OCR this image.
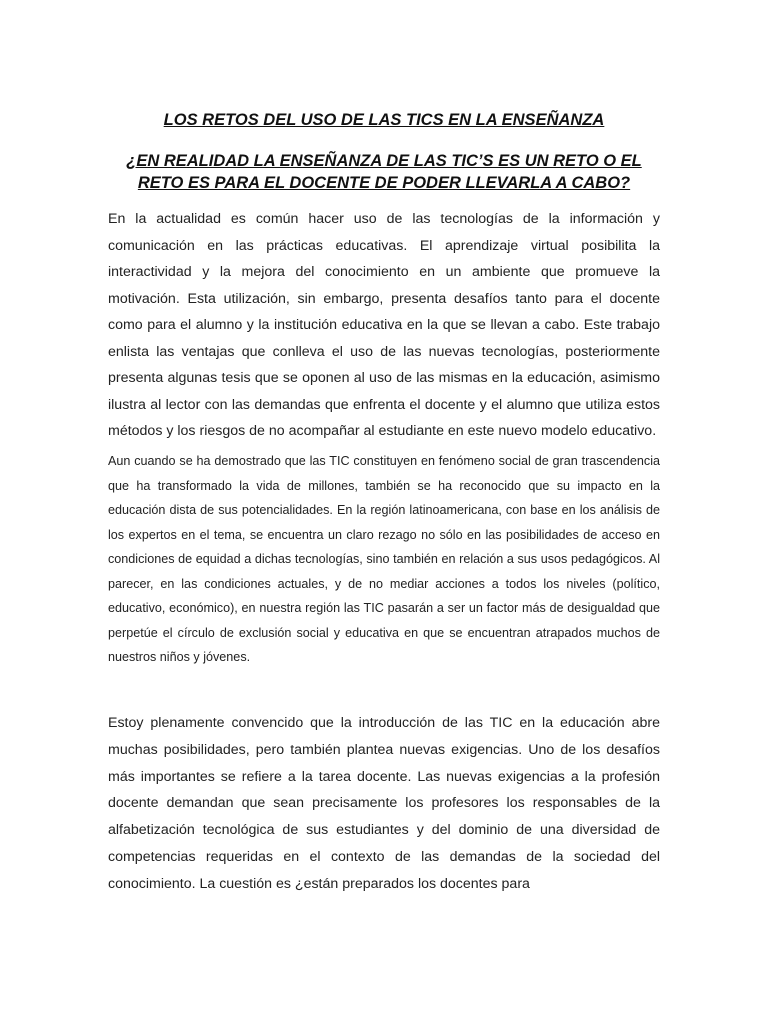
LOS RETOS DEL USO DE LAS TICS EN LA ENSEÑANZA
¿EN REALIDAD LA ENSEÑANZA DE LAS TIC’S ES UN RETO O EL RETO ES PARA EL DOCENTE DE PODER LLEVARLA A CABO?

En la actualidad es común hacer uso de las tecnologías de la información y comunicación en las prácticas educativas. El aprendizaje virtual posibilita la interactividad y la mejora del conocimiento en un ambiente que promueve la motivación. Esta utilización, sin embargo, presenta desafíos tanto para el docente como para el alumno y la institución educativa en la que se llevan a cabo. Este trabajo enlista las ventajas que conlleva el uso de las nuevas tecnologías, posteriormente presenta algunas tesis que se oponen al uso de las mismas en la educación, asimismo ilustra al lector con las demandas que enfrenta el docente y el alumno que utiliza estos métodos y los riesgos de no acompañar al estudiante en este nuevo modelo educativo.

Aun cuando se ha demostrado que las TIC constituyen en fenómeno social de gran trascendencia que ha transformado la vida de millones, también se ha reconocido que su impacto en la educación dista de sus potencialidades. En la región latinoamericana, con base en los análisis de los expertos en el tema, se encuentra un claro rezago no sólo en las posibilidades de acceso en condiciones de equidad a dichas tecnologías, sino también en relación a sus usos pedagógicos. Al parecer, en las condiciones actuales, y de no mediar acciones a todos los niveles (político, educativo, económico), en nuestra región las TIC pasarán a ser un factor más de desigualdad que perpetúe el círculo de exclusión social y educativa en que se encuentran atrapados muchos de nuestros niños y jóvenes.

Estoy plenamente convencido que la introducción de las TIC en la educación abre muchas posibilidades, pero también plantea nuevas exigencias. Uno de los desafíos más importantes se refiere a la tarea docente. Las nuevas exigencias a la profesión docente demandan que sean precisamente los profesores los responsables de la alfabetización tecnológica de sus estudiantes y del dominio de una diversidad de competencias requeridas en el contexto de las demandas de la sociedad del conocimiento. La cuestión es ¿están preparados los docentes para
